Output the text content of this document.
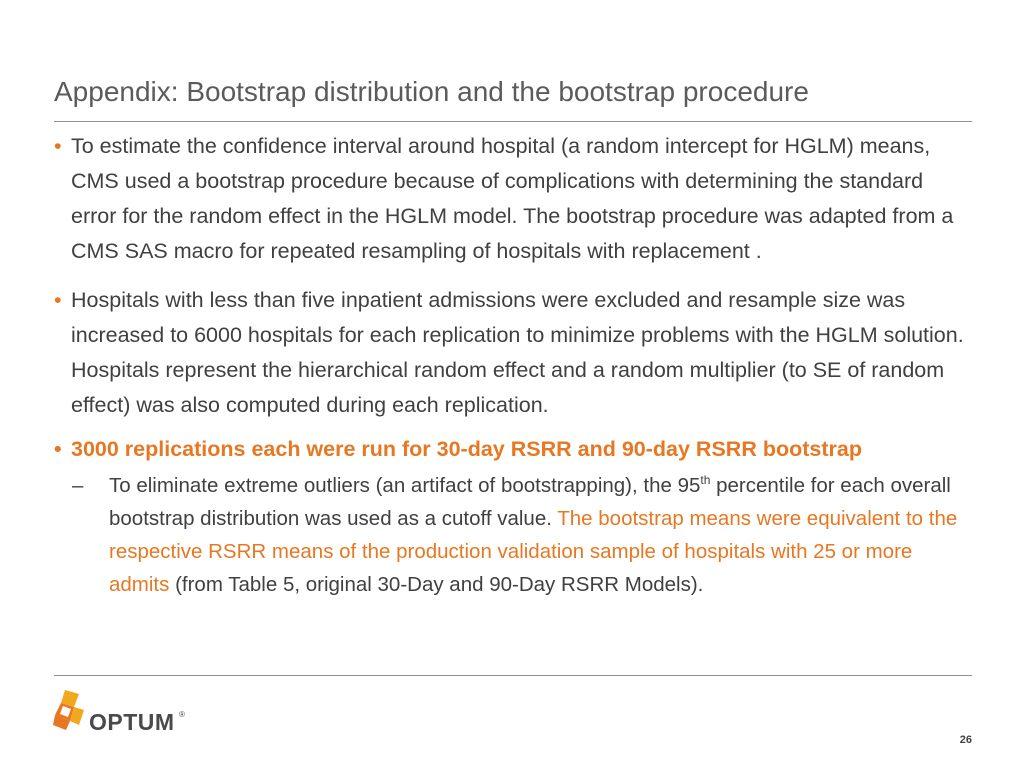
Appendix: Bootstrap distribution and the bootstrap procedure

• To estimate the confidence interval around hospital (a random intercept for HGLM) means, CMS used a bootstrap procedure because of complications with determining the standard error for the random effect in the HGLM model. The bootstrap procedure was adapted from a CMS SAS macro for repeated resampling of hospitals with replacement .

• Hospitals with less than five inpatient admissions were excluded and resample size was increased to 6000 hospitals for each replication to minimize problems with the HGLM solution. Hospitals represent the hierarchical random effect and a random multiplier (to SE of random effect) was also computed during each replication.

• 3000 replications each were run for 30-day RSRR and 90-day RSRR bootstrap

– To eliminate extreme outliers (an artifact of bootstrapping), the 95th percentile for each overall bootstrap distribution was used as a cutoff value. The bootstrap means were equivalent to the respective RSRR means of the production validation sample of hospitals with 25 or more admits (from Table 5, original 30-Day and 90-Day RSRR Models).

OPTUM ®
26
